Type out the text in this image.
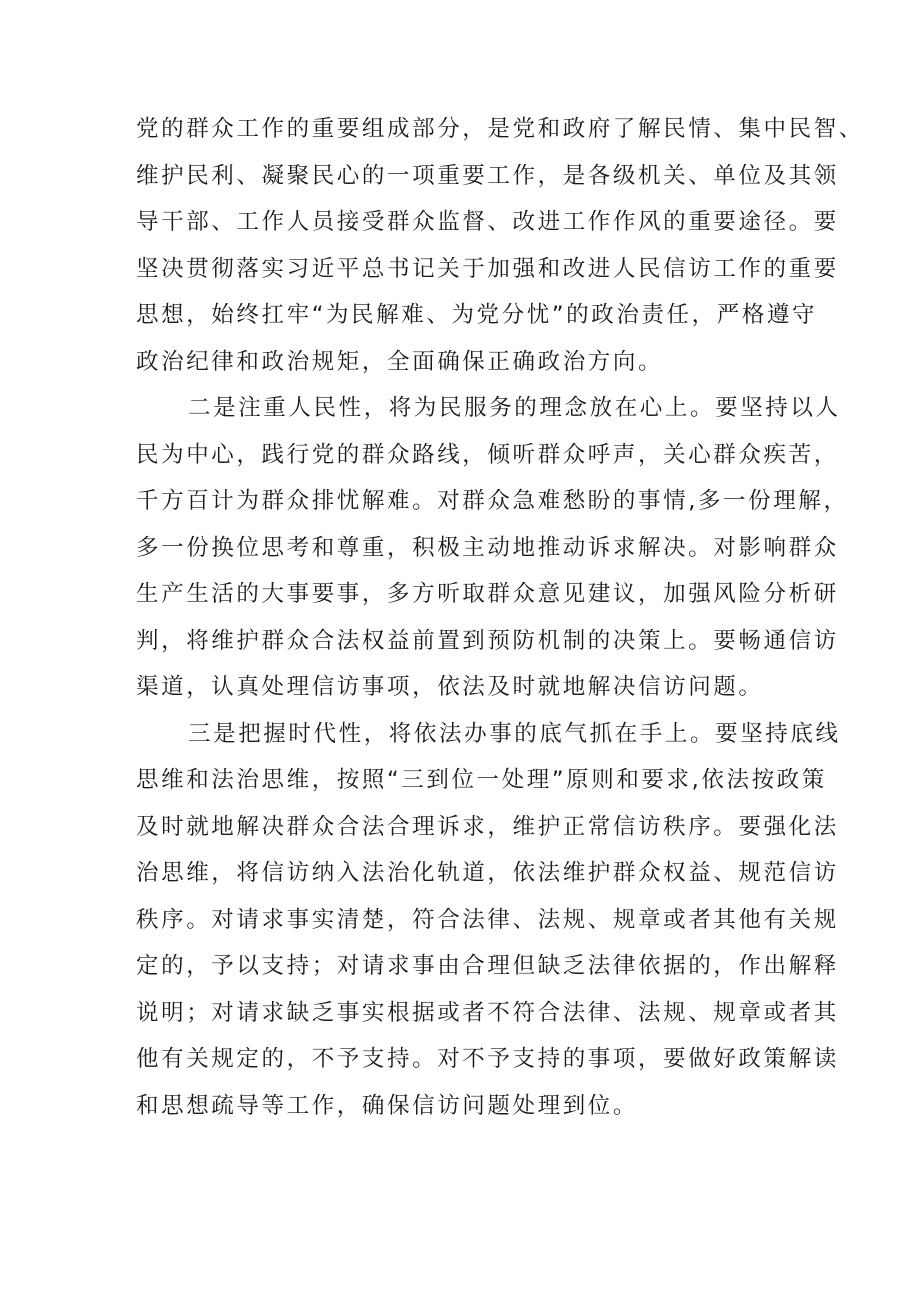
党的群众工作的重要组成部分，是党和政府了解民情、集中民智、
维护民利、凝聚民心的一项重要工作，是各级机关、单位及其领
导干部、工作人员接受群众监督、改进工作作风的重要途径。要
坚决贯彻落实习近平总书记关于加强和改进人民信访工作的重要
思想，始终扛牢“为民解难、为党分忧”的政治责任，严格遵守
政治纪律和政治规矩，全面确保正确政治方向。
二是注重人民性，将为民服务的理念放在心上。要坚持以人
民为中心，践行党的群众路线，倾听群众呼声，关心群众疾苦，
千方百计为群众排忧解难。对群众急难愁盼的事情,多一份理解，
多一份换位思考和尊重，积极主动地推动诉求解决。对影响群众
生产生活的大事要事，多方听取群众意见建议，加强风险分析研
判，将维护群众合法权益前置到预防机制的决策上。要畅通信访
渠道，认真处理信访事项，依法及时就地解决信访问题。
三是把握时代性，将依法办事的底气抓在手上。要坚持底线
思维和法治思维，按照“三到位一处理”原则和要求,依法按政策
及时就地解决群众合法合理诉求，维护正常信访秩序。要强化法
治思维，将信访纳入法治化轨道，依法维护群众权益、规范信访
秩序。对请求事实清楚，符合法律、法规、规章或者其他有关规
定的，予以支持；对请求事由合理但缺乏法律依据的，作出解释
说明；对请求缺乏事实根据或者不符合法律、法规、规章或者其
他有关规定的，不予支持。对不予支持的事项，要做好政策解读
和思想疏导等工作，确保信访问题处理到位。
